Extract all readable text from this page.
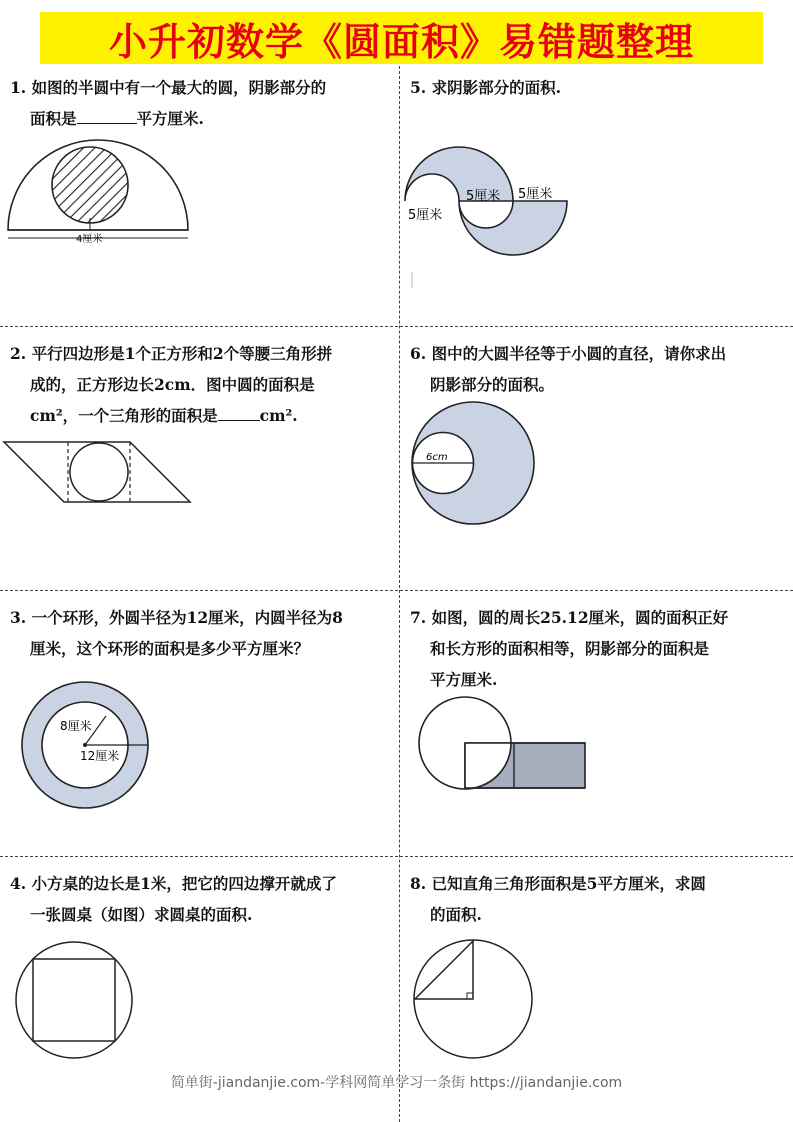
小升初数学《圆面积》易错题整理

1. 如图的半圆中有一个最大的圆，阴影部分的

面积是	平方厘米.

4厘米

2. 平行四边形是1个正方形和2个等腰三角形拼

成的，正方形边长2cm．图中圆的面积是

cm²，一个三角形的面积是	cm².

3. 一个环形，外圆半径为12厘米，内圆半径为8

厘米，这个环形的面积是多少平方厘米？

8厘米
12厘米

4. 小方桌的边长是1米，把它的四边撑开就成了

一张圆桌（如图）求圆桌的面积.

5. 求阴影部分的面积.

5厘米 5厘米
5厘米

6. 图中的大圆半径等于小圆的直径，请你求出

阴影部分的面积。

6cm

7. 如图，圆的周长25.12厘米，圆的面积正好

和长方形的面积相等，阴影部分的面积是

平方厘米.

8. 已知直角三角形面积是5平方厘米，求圆

的面积.

简单街-jiandanjie.com-学科网简单学习一条街 https://jiandanjie.com
